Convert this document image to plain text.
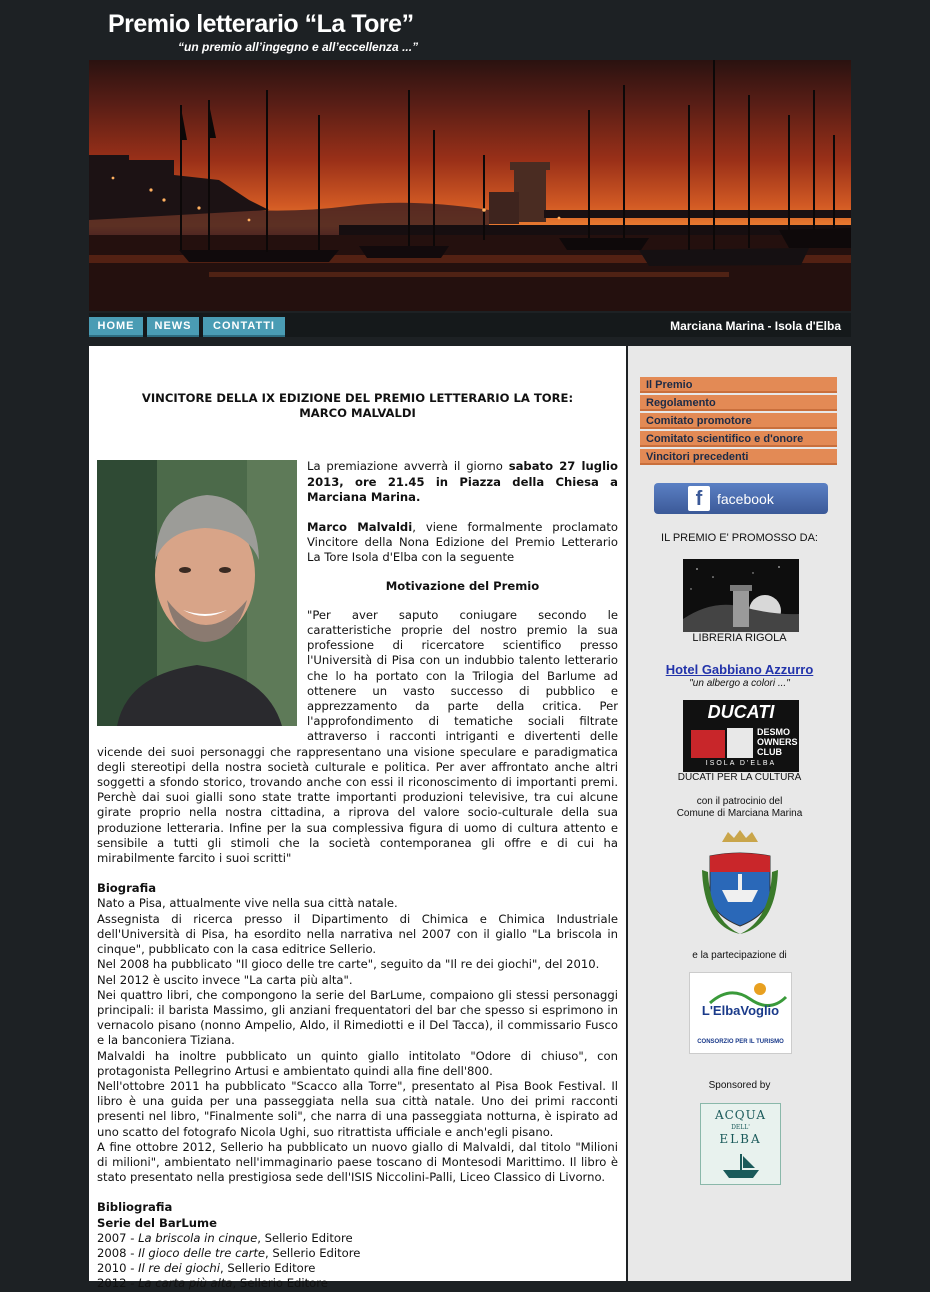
Premio letterario “La Tore”
“un premio all’ingegno e all’eccellenza ...”
HOME	NEWS	CONTATTI	Marciana Marina - Isola d'Elba
VINCITORE DELLA IX EDIZIONE DEL PREMIO LETTERARIO LA TORE:
MARCO MALVALDI

La premiazione avverrà il giorno sabato 27 luglio 2013, ore 21.45 in Piazza della Chiesa a Marciana Marina.

Marco Malvaldi, viene formalmente proclamato Vincitore della Nona Edizione del Premio Letterario La Tore Isola d'Elba con la seguente

Motivazione del Premio

"Per aver saputo coniugare secondo le caratteristiche proprie del nostro premio la sua professione di ricercatore scientifico presso l'Università di Pisa con un indubbio talento letterario che lo ha portato con la Trilogia del Barlume ad ottenere un vasto successo di pubblico e apprezzamento da parte della critica. Per l'approfondimento di tematiche sociali filtrate attraverso i racconti intriganti e divertenti delle vicende dei suoi personaggi che rappresentano una visione speculare e paradigmatica degli stereotipi della nostra società culturale e politica. Per aver affrontato anche altri soggetti a sfondo storico, trovando anche con essi il riconoscimento di importanti premi. Perchè dai suoi gialli sono state tratte importanti produzioni televisive, tra cui alcune girate proprio nella nostra cittadina, a riprova del valore socio-culturale della sua produzione letteraria. Infine per la sua complessiva figura di uomo di cultura attento e sensibile a tutti gli stimoli che la società contemporanea gli offre e di cui ha mirabilmente farcito i suoi scritti"

Biografia
Nato a Pisa, attualmente vive nella sua città natale.
Assegnista di ricerca presso il Dipartimento di Chimica e Chimica Industriale dell'Università di Pisa, ha esordito nella narrativa nel 2007 con il giallo "La briscola in cinque", pubblicato con la casa editrice Sellerio.
Nel 2008 ha pubblicato "Il gioco delle tre carte", seguito da "Il re dei giochi", del 2010.
Nel 2012 è uscito invece "La carta più alta".
Nei quattro libri, che compongono la serie del BarLume, compaiono gli stessi personaggi principali: il barista Massimo, gli anziani frequentatori del bar che spesso si esprimono in vernacolo pisano (nonno Ampelio, Aldo, il Rimediotti e il Del Tacca), il commissario Fusco e la banconiera Tiziana.
Malvaldi ha inoltre pubblicato un quinto giallo intitolato "Odore di chiuso", con protagonista Pellegrino Artusi e ambientato quindi alla fine dell'800.
Nell'ottobre 2011 ha pubblicato "Scacco alla Torre", presentato al Pisa Book Festival. Il libro è una guida per una passeggiata nella sua città natale. Uno dei primi racconti presenti nel libro, "Finalmente soli", che narra di una passeggiata notturna, è ispirato ad uno scatto del fotografo Nicola Ughi, suo ritrattista ufficiale e anch'egli pisano.
A fine ottobre 2012, Sellerio ha pubblicato un nuovo giallo di Malvaldi, dal titolo "Milioni di milioni", ambientato nell'immaginario paese toscano di Montesodi Marittimo. Il libro è stato presentato nella prestigiosa sede dell'ISIS Niccolini-Palli, Liceo Classico di Livorno.
Bibliografia
Serie del BarLume
2007 - La briscola in cinque, Sellerio Editore
2008 - Il gioco delle tre carte, Sellerio Editore
2010 - Il re dei giochi, Sellerio Editore
2012 - La carta più alta, Sellerio Editore
Il Premio
Regolamento
Comitato promotore
Comitato scientifico e d'onore
Vincitori precedenti
f	facebook
IL PREMIO E' PROMOSSO DA:
LIBRERIA RIGOLA
Hotel Gabbiano Azzurro
"un albergo a colori ..."
DUCATI
DESMO
OWNERS
CLUB
ISOLA D'ELBA
DUCATI PER LA CULTURA
con il patrocinio del
Comune di Marciana Marina
e la partecipazione di
L'ElbaVoglio
CONSORZIO PER IL TURISMO
Sponsored by
ACQUA
DELL'
ELBA
